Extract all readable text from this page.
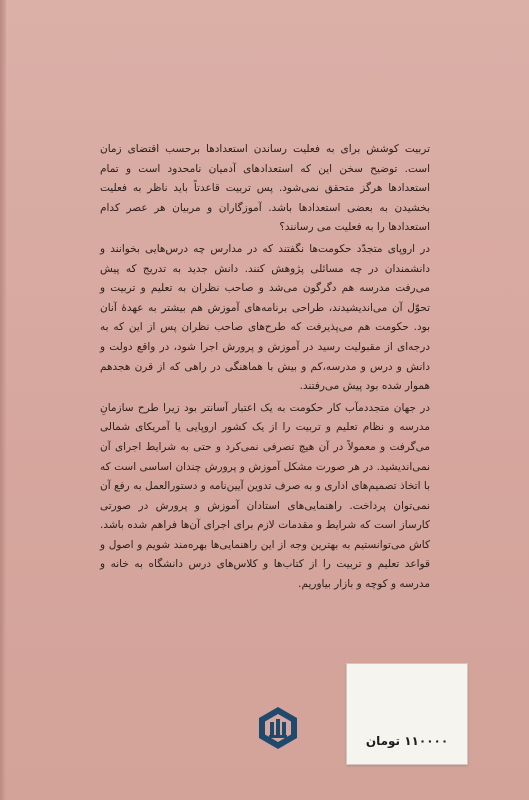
تربیت کوشش برای به فعلیت رساندن استعدادها برحسب اقتضای زمان است. توضیح سخن این که استعدادهای آدمیان نامحدود است و تمام استعدادها هرگز متحقق نمی‌شود. پس تربیت قاعدتاً باید ناظر به فعلیت بخشیدن به بعضی استعدادها باشد. آموزگاران و مربیان هر عصر کدام استعدادها را به فعلیت می رسانند؟

در اروپای متجدّد حکومت‌ها نگفتند که در مدارس چه درس‌هایی بخوانند و دانشمندان در چه مسائلی پژوهش کنند. دانش جدید به تدریج که پیش می‌رفت مدرسه هم دگرگون می‌شد و صاحب نظران به تعلیم و تربیت و تحوّل آن می‌اندیشیدند، طراحی برنامه‌های آموزش هم بیشتر به عهدهٔ آنان بود. حکومت هم می‌پذیرفت که طرح‌های صاحب نظران پس از این که به درجه‌ای از مقبولیت رسید در آموزش و پرورش اجرا شود، در واقع دولت و دانش و درس و مدرسه،کم و بیش با هماهنگی در راهی که از قرن هجدهم هموار شده بود پیش می‌رفتند.

در جهان متجددمآب کار حکومت به یک اعتبار آسانتر بود زیرا طرح سازمانِ مدرسه و نظام تعلیم و تربیت را از یک کشور اروپایی یا آمریکای شمالی می‌گرفت و معمولاً در آن هیچ تصرفی نمی‌کرد و حتی به شرایط اجرای آن نمی‌اندیشید. در هر صورت مشکل آموزش و پرورش چندان اساسی است که با اتخاذ تصمیم‌های اداری و به صرف تدوین آیین‌نامه و دستورالعمل به رفع آن نمی‌توان پرداخت. راهنمایی‌های استادان آموزش و پرورش در صورتی کارساز است که شرایط و مقدمات لازم برای اجرای آن‌ها فراهم شده باشد. کاش می‌توانستیم به بهترین وجه از این راهنمایی‌ها بهره‌مند شویم و اصول و قواعد تعلیم و تربیت را از کتاب‌ها و کلاس‌های درس دانشگاه به خانه و مدرسه و کوچه و بازار بیاوریم.

۱۱۰۰۰۰ تومان
